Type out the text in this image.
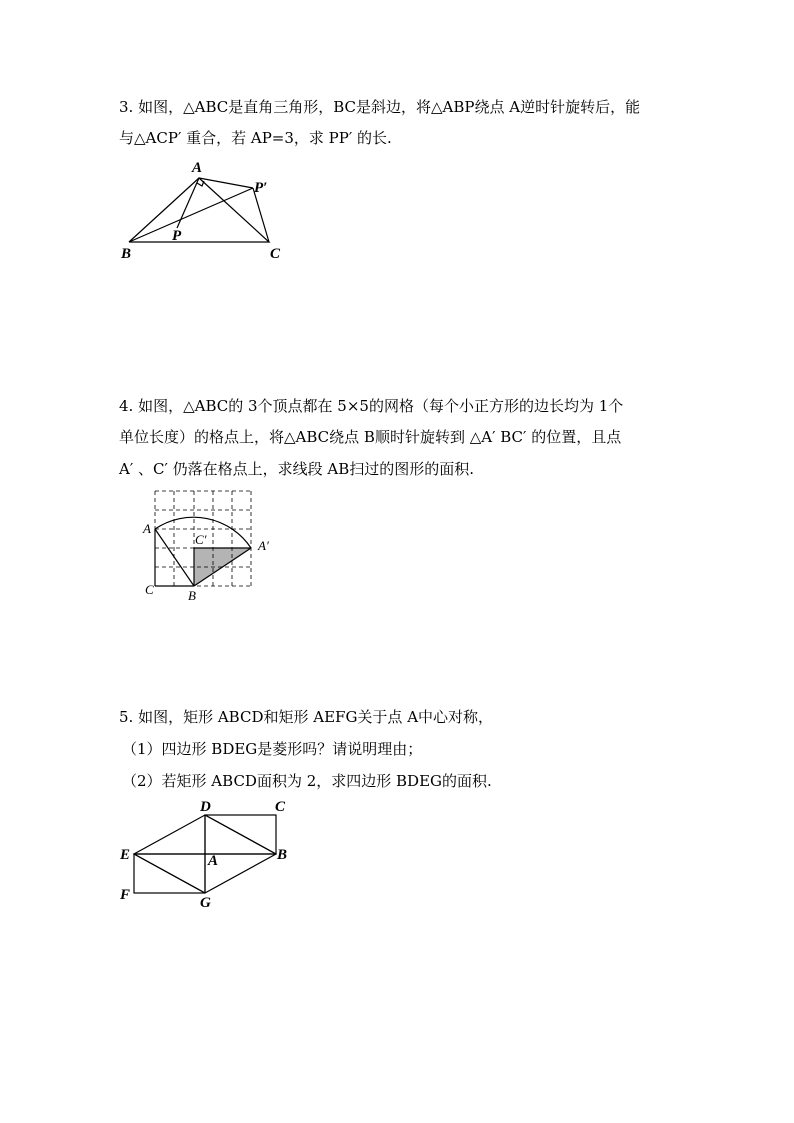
3. 如图，△ABC是直角三角形，BC是斜边，将△ABP绕点 A逆时针旋转后，能
与△ACP′ 重合，若 AP=3，求 PP′ 的长.
A
P′
P
B	C
4. 如图，△ABC的 3个顶点都在 5×5的网格（每个小正方形的边长均为 1个
单位长度）的格点上，将△ABC绕点 B顺时针旋转到 △A′ BC′ 的位置，且点
A′ 、C′ 仍落在格点上，求线段 AB扫过的图形的面积.
A
C′	A′
C	B
5. 如图，矩形 ABCD和矩形 AEFG关于点 A中心对称，
（1）四边形 BDEG是菱形吗？请说明理由；
（2）若矩形 ABCD面积为 2，求四边形 BDEG的面积.
D	C
E	A	B
F	G
